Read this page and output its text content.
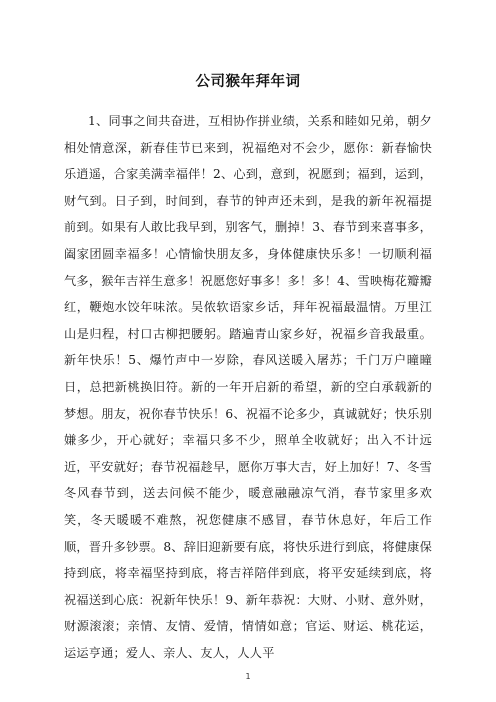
公司猴年拜年词

1、同事之间共奋进，互相协作拼业绩，关系和睦如兄弟，朝夕相处情意深，新春佳节已来到，祝福绝对不会少，愿你：新春愉快乐逍遥，合家美满幸福伴！2、心到，意到，祝愿到；福到，运到，财气到。日子到，时间到，春节的钟声还未到，是我的新年祝福提前到。如果有人敢比我早到，别客气，删掉！3、春节到来喜事多，阖家团圆幸福多！心情愉快朋友多，身体健康快乐多！一切顺利福气多，猴年吉祥生意多！祝愿您好事多！多！多！4、雪映梅花瓣瓣红，鞭炮水饺年味浓。吴侬软语家乡话，拜年祝福最温情。万里江山是归程，村口古柳把腰躬。踏遍青山家乡好，祝福乡音我最重。新年快乐！5、爆竹声中一岁除，春风送暖入屠苏；千门万户曈曈日，总把新桃换旧符。新的一年开启新的希望，新的空白承载新的梦想。朋友，祝你春节快乐！6、祝福不论多少，真诚就好；快乐别嫌多少，开心就好；幸福只多不少，照单全收就好；出入不计远近，平安就好；春节祝福趁早，愿你万事大吉，好上加好！7、冬雪冬风春节到，送去问候不能少，暖意融融凉气消，春节家里多欢笑，冬天暖暖不难熬，祝您健康不感冒，春节休息好，年后工作顺，晋升多钞票。8、辞旧迎新要有底，将快乐进行到底，将健康保持到底，将幸福坚持到底，将吉祥陪伴到底，将平安延续到底，将祝福送到心底：祝新年快乐！9、新年恭祝：大财、小财、意外财，财源滚滚；亲情、友情、爱情，情情如意；官运、财运、桃花运，运运亨通；爱人、亲人、友人，人人平

1
